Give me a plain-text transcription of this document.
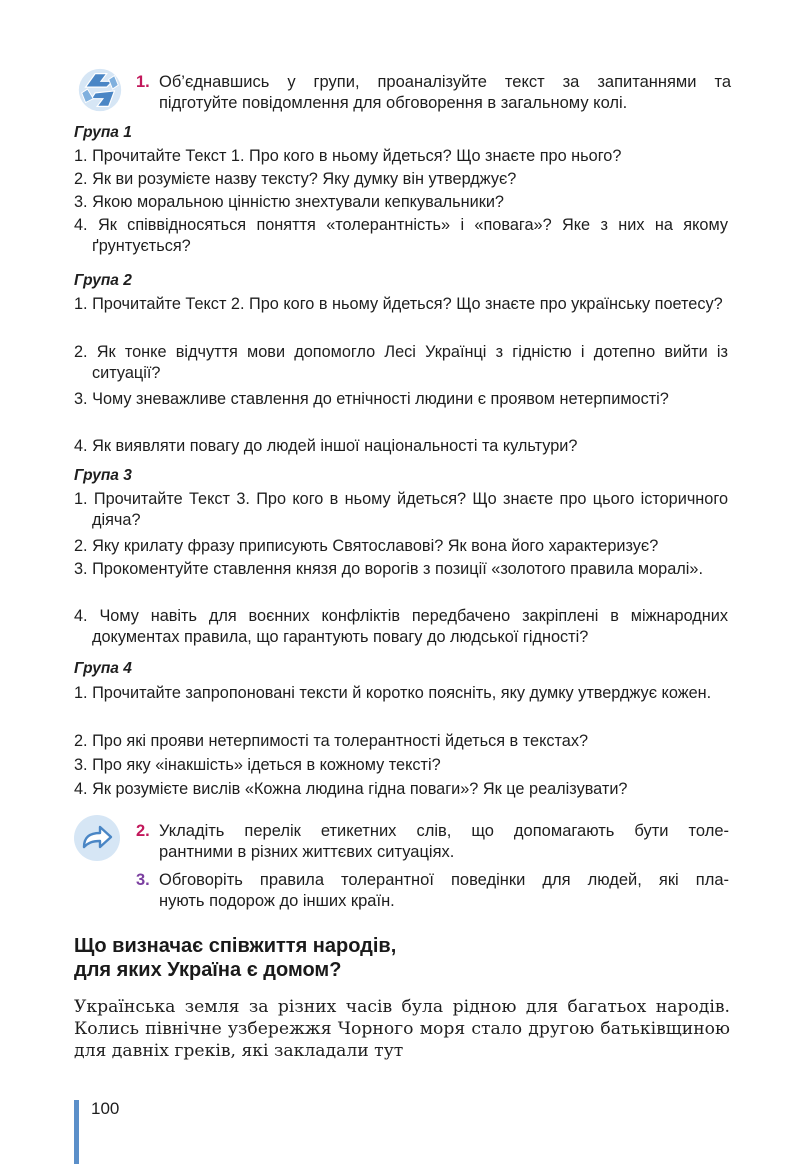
1. Об’єднавшись у групи, проаналізуйте текст за запитаннями та
підготуйте повідомлення для обговорення в загальному колі.
Група 1
1. Прочитайте Текст 1. Про кого в ньому йдеться? Що знаєте про нього?
2. Як ви розумієте назву тексту? Яку думку він утверджує?
3. Якою моральною цінністю знехтували кепкувальники?
4. Як співвідносяться поняття «толерантність» і «повага»? Яке з них на якому ґрунтується?
Група 2
1. Прочитайте Текст 2. Про кого в ньому йдеться? Що знаєте про українську поетесу?
2. Як тонке відчуття мови допомогло Лесі Українці з гідністю і дотепно вийти із ситуації?
3. Чому зневажливе ставлення до етнічності людини є проявом нетерпимості?
4. Як виявляти повагу до людей іншої національності та культури?
Група 3
1. Прочитайте Текст 3. Про кого в ньому йдеться? Що знаєте про цього історичного діяча?
2. Яку крилату фразу приписують Святославові? Як вона його характеризує?
3. Прокоментуйте ставлення князя до ворогів з позиції «золотого правила моралі».
4. Чому навіть для воєнних конфліктів передбачено закріплені в міжнародних документах правила, що гарантують повагу до людської гідності?
Група 4
1. Прочитайте запропоновані тексти й коротко поясніть, яку думку утверджує кожен.
2. Про які прояви нетерпимості та толерантності йдеться в текстах?
3. Про яку «інакшість» ідеться в кожному тексті?
4. Як розумієте вислів «Кожна людина гідна поваги»? Як це реалізувати?
2. Укладіть перелік етикетних слів, що допомагають бути толе-
рантними в різних життєвих ситуаціях.
3. Обговоріть правила толерантної поведінки для людей, які пла-
нують подорож до інших країн.
Що визначає співжиття народів,
для яких Україна є домом?
Українська земля за різних часів була рідною для багатьох народів. Колись північне узбережжя Чорного моря стало другою батьківщиною для давніх греків, які закладали тут
100
